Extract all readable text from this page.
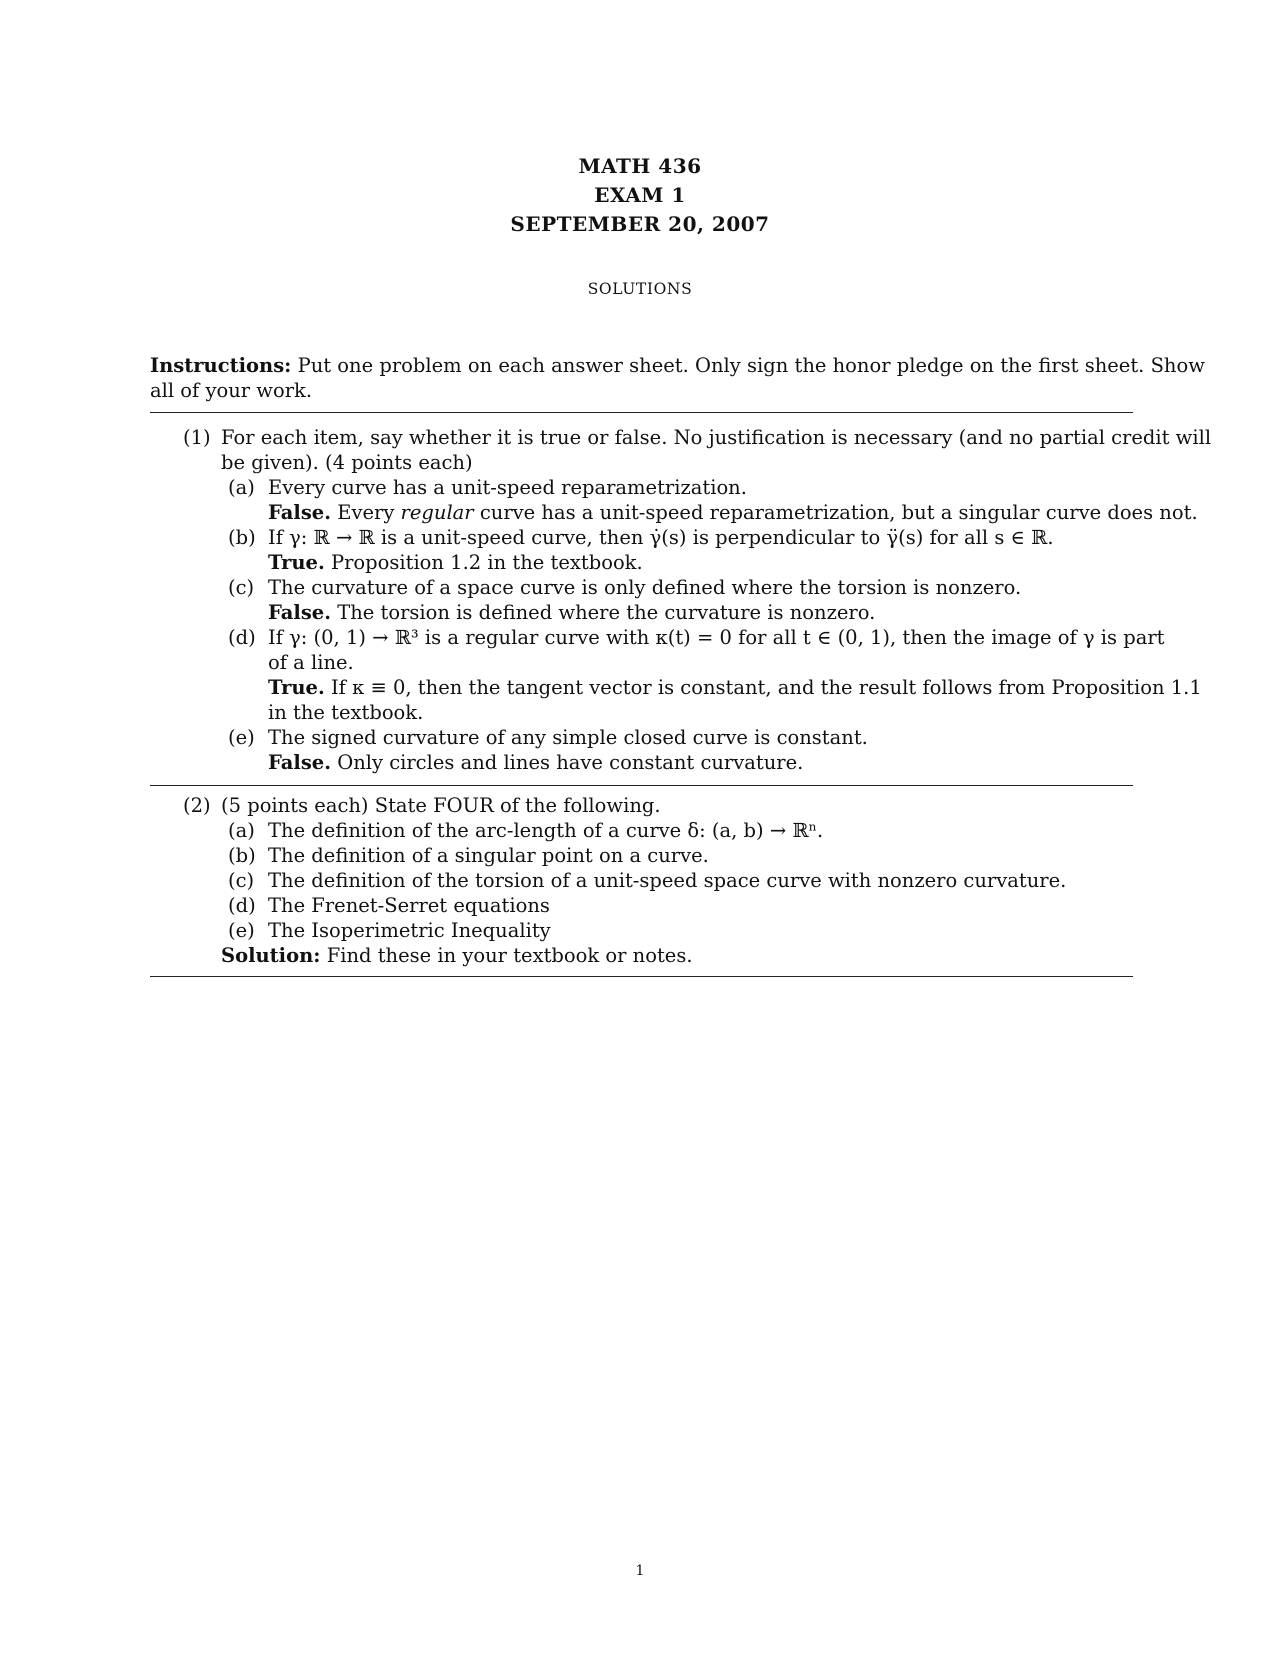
MATH 436
EXAM 1
SEPTEMBER 20, 2007
SOLUTIONS
Instructions: Put one problem on each answer sheet. Only sign the honor pledge on the first sheet. Show
all of your work.
(1) For each item, say whether it is true or false. No justification is necessary (and no partial credit will
be given). (4 points each)
(a) Every curve has a unit-speed reparametrization.
False. Every regular curve has a unit-speed reparametrization, but a singular curve does not.
(b) If γ: ℝ → ℝ is a unit-speed curve, then γ̇(s) is perpendicular to γ̈(s) for all s ∈ ℝ.
True. Proposition 1.2 in the textbook.
(c) The curvature of a space curve is only defined where the torsion is nonzero.
False. The torsion is defined where the curvature is nonzero.
(d) If γ: (0, 1) → ℝ³ is a regular curve with κ(t) = 0 for all t ∈ (0, 1), then the image of γ is part
of a line.
True. If κ ≡ 0, then the tangent vector is constant, and the result follows from Proposition 1.1
in the textbook.
(e) The signed curvature of any simple closed curve is constant.
False. Only circles and lines have constant curvature.
(2) (5 points each) State FOUR of the following.
(a) The definition of the arc-length of a curve δ: (a, b) → ℝⁿ.
(b) The definition of a singular point on a curve.
(c) The definition of the torsion of a unit-speed space curve with nonzero curvature.
(d) The Frenet-Serret equations
(e) The Isoperimetric Inequality
Solution: Find these in your textbook or notes.
1
